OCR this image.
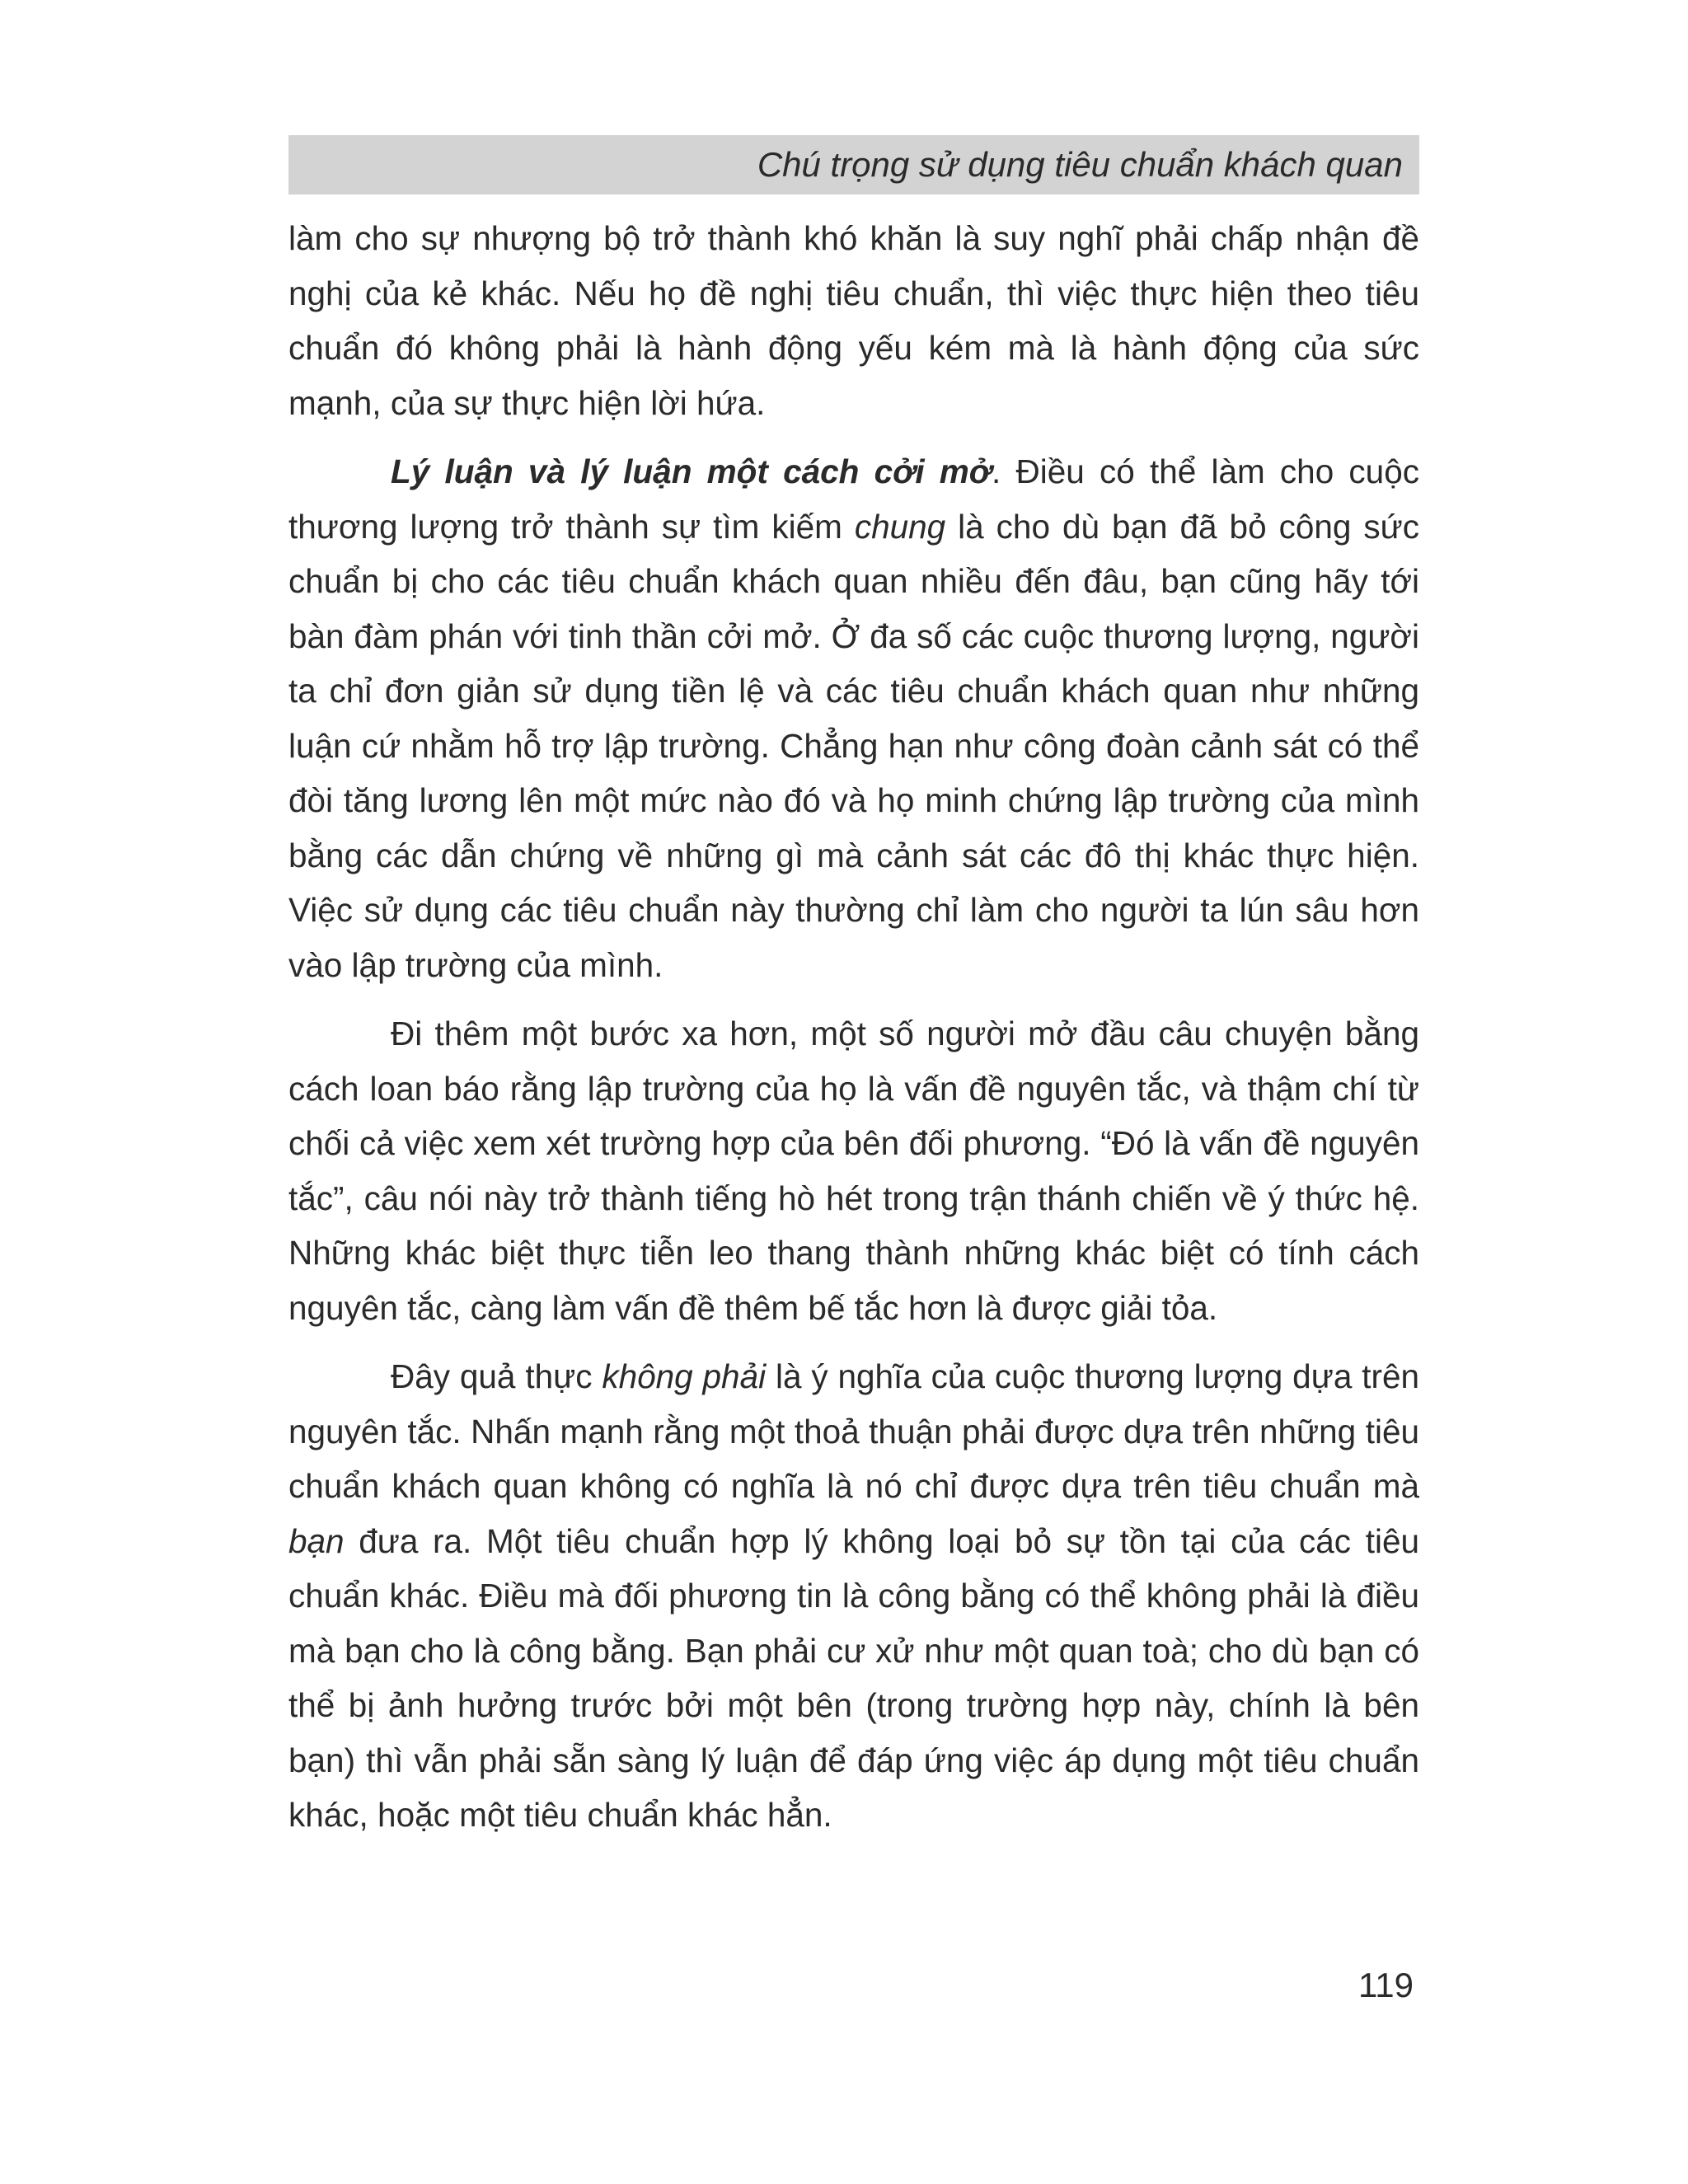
Chú trọng sử dụng tiêu chuẩn khách quan

làm cho sự nhượng bộ trở thành khó khăn là suy nghĩ phải chấp nhận đề nghị của kẻ khác. Nếu họ đề nghị tiêu chuẩn, thì việc thực hiện theo tiêu chuẩn đó không phải là hành động yếu kém mà là hành động của sức mạnh, của sự thực hiện lời hứa.

Lý luận và lý luận một cách cởi mở. Điều có thể làm cho cuộc thương lượng trở thành sự tìm kiếm chung là cho dù bạn đã bỏ công sức chuẩn bị cho các tiêu chuẩn khách quan nhiều đến đâu, bạn cũng hãy tới bàn đàm phán với tinh thần cởi mở. Ở đa số các cuộc thương lượng, người ta chỉ đơn giản sử dụng tiền lệ và các tiêu chuẩn khách quan như những luận cứ nhằm hỗ trợ lập trường. Chẳng hạn như công đoàn cảnh sát có thể đòi tăng lương lên một mức nào đó và họ minh chứng lập trường của mình bằng các dẫn chứng về những gì mà cảnh sát các đô thị khác thực hiện. Việc sử dụng các tiêu chuẩn này thường chỉ làm cho người ta lún sâu hơn vào lập trường của mình.

Đi thêm một bước xa hơn, một số người mở đầu câu chuyện bằng cách loan báo rằng lập trường của họ là vấn đề nguyên tắc, và thậm chí từ chối cả việc xem xét trường hợp của bên đối phương. “Đó là vấn đề nguyên tắc”, câu nói này trở thành tiếng hò hét trong trận thánh chiến về ý thức hệ. Những khác biệt thực tiễn leo thang thành những khác biệt có tính cách nguyên tắc, càng làm vấn đề thêm bế tắc hơn là được giải tỏa.

Đây quả thực không phải là ý nghĩa của cuộc thương lượng dựa trên nguyên tắc. Nhấn mạnh rằng một thoả thuận phải được dựa trên những tiêu chuẩn khách quan không có nghĩa là nó chỉ được dựa trên tiêu chuẩn mà bạn đưa ra. Một tiêu chuẩn hợp lý không loại bỏ sự tồn tại của các tiêu chuẩn khác. Điều mà đối phương tin là công bằng có thể không phải là điều mà bạn cho là công bằng. Bạn phải cư xử như một quan toà; cho dù bạn có thể bị ảnh hưởng trước bởi một bên (trong trường hợp này, chính là bên bạn) thì vẫn phải sẵn sàng lý luận để đáp ứng việc áp dụng một tiêu chuẩn khác, hoặc một tiêu chuẩn khác hẳn.

119
